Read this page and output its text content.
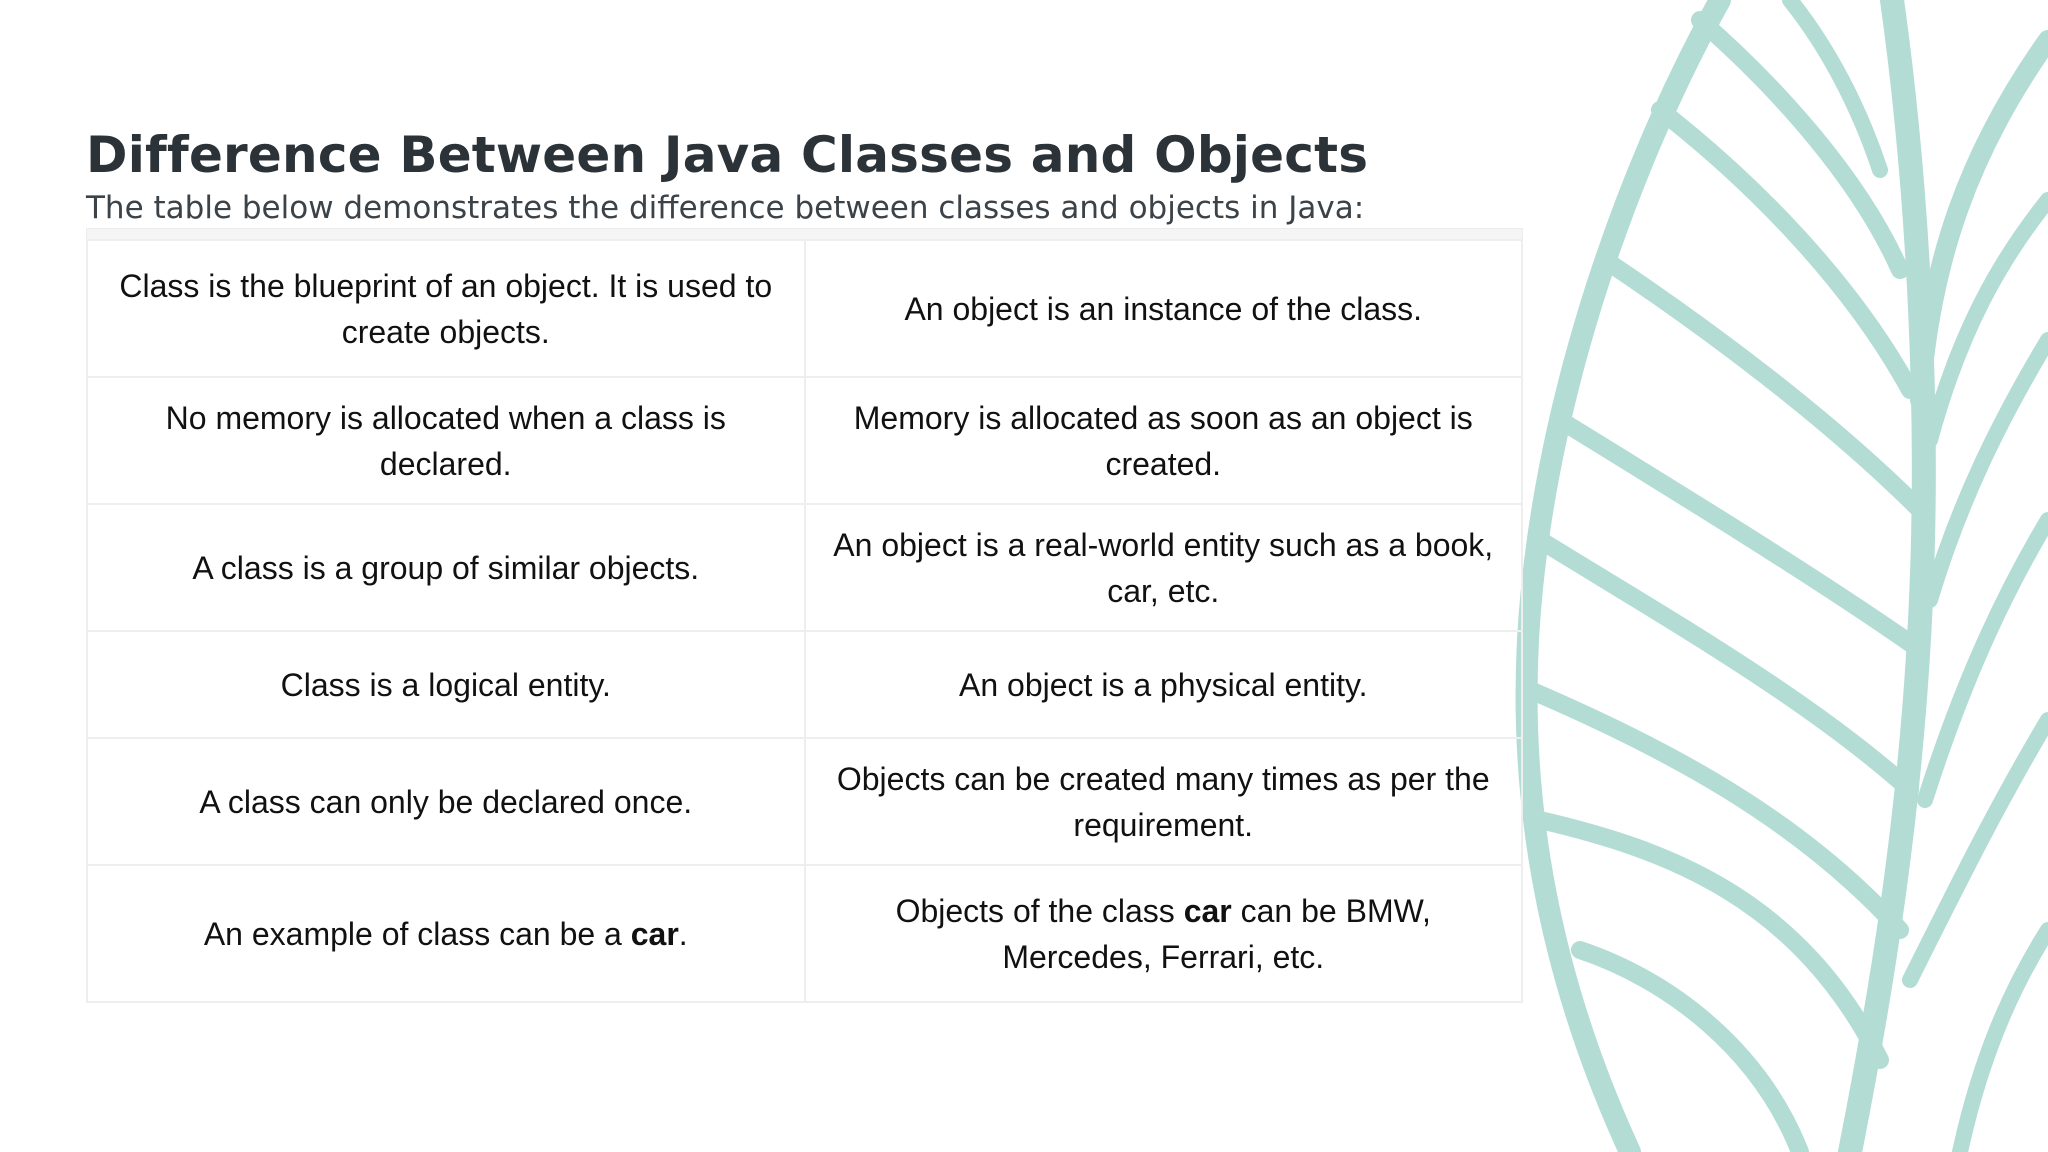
Difference Between Java Classes and Objects

The table below demonstrates the difference between classes and objects in Java:

Class is the blueprint of an object. It is used to create objects.	An object is an instance of the class.
No memory is allocated when a class is declared.	Memory is allocated as soon as an object is created.
A class is a group of similar objects.	An object is a real-world entity such as a book, car, etc.
Class is a logical entity.	An object is a physical entity.
A class can only be declared once.	Objects can be created many times as per the requirement.
An example of class can be a car.	Objects of the class car can be BMW, Mercedes, Ferrari, etc.
